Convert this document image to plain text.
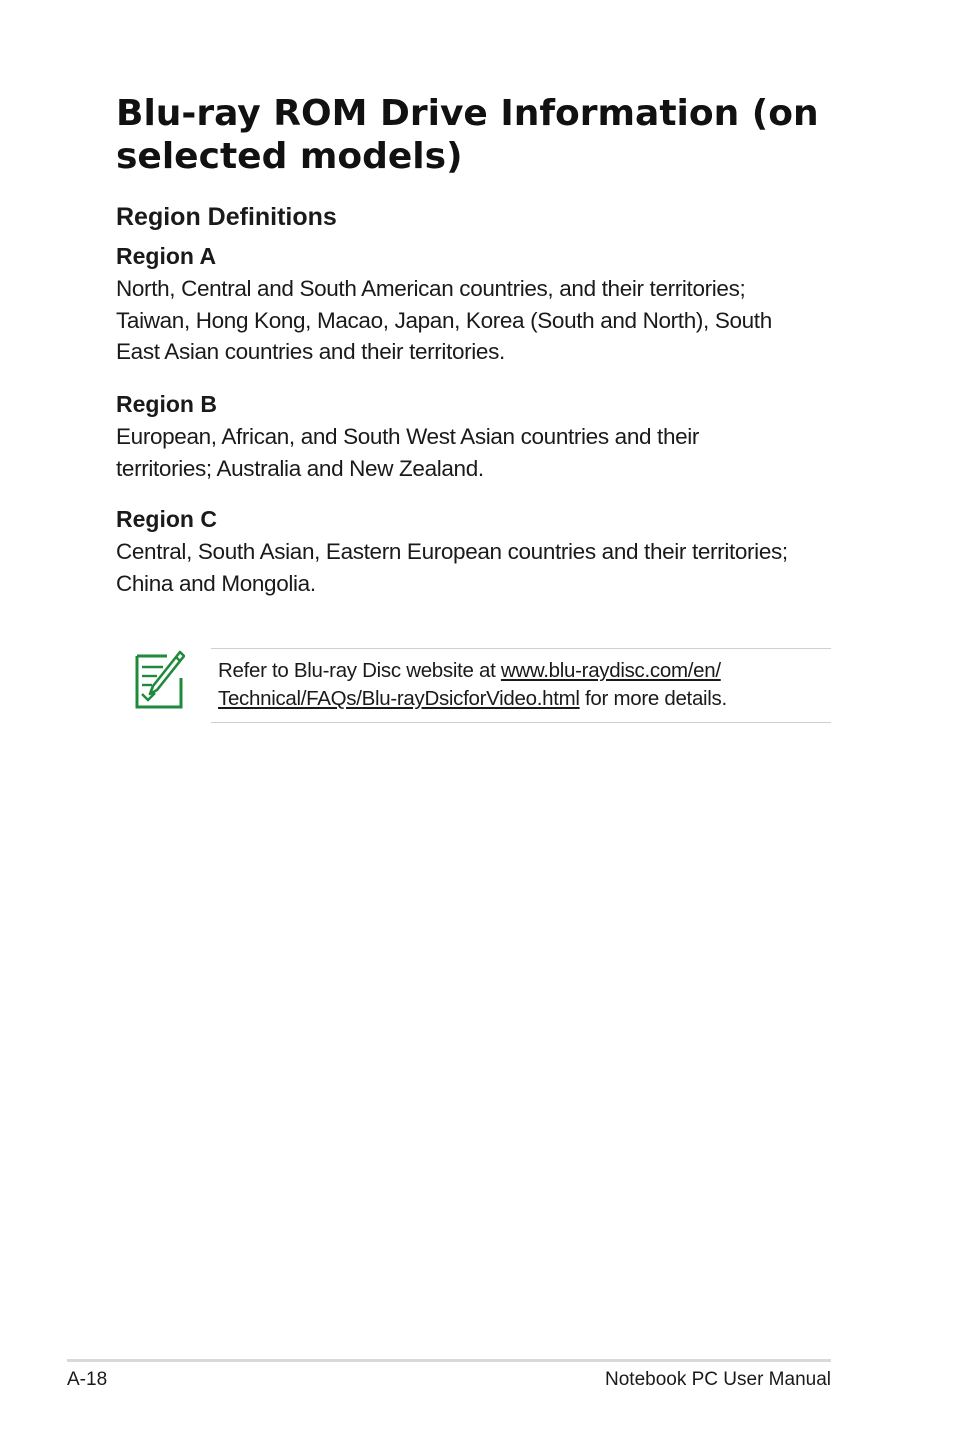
Blu-ray ROM Drive Information (on selected models)
Region Definitions
Region A

North, Central and South American countries, and their territories;
Taiwan, Hong Kong, Macao, Japan, Korea (South and North), South
East Asian countries and their territories.

Region B

European, African, and South West Asian countries and their
territories; Australia and New Zealand.

Region C

Central, South Asian, Eastern European countries and their territories;
China and Mongolia.

Refer to Blu-ray Disc website at www.blu-raydisc.com/en/
Technical/FAQs/Blu-rayDsicforVideo.html for more details.

A-18	Notebook PC User Manual
